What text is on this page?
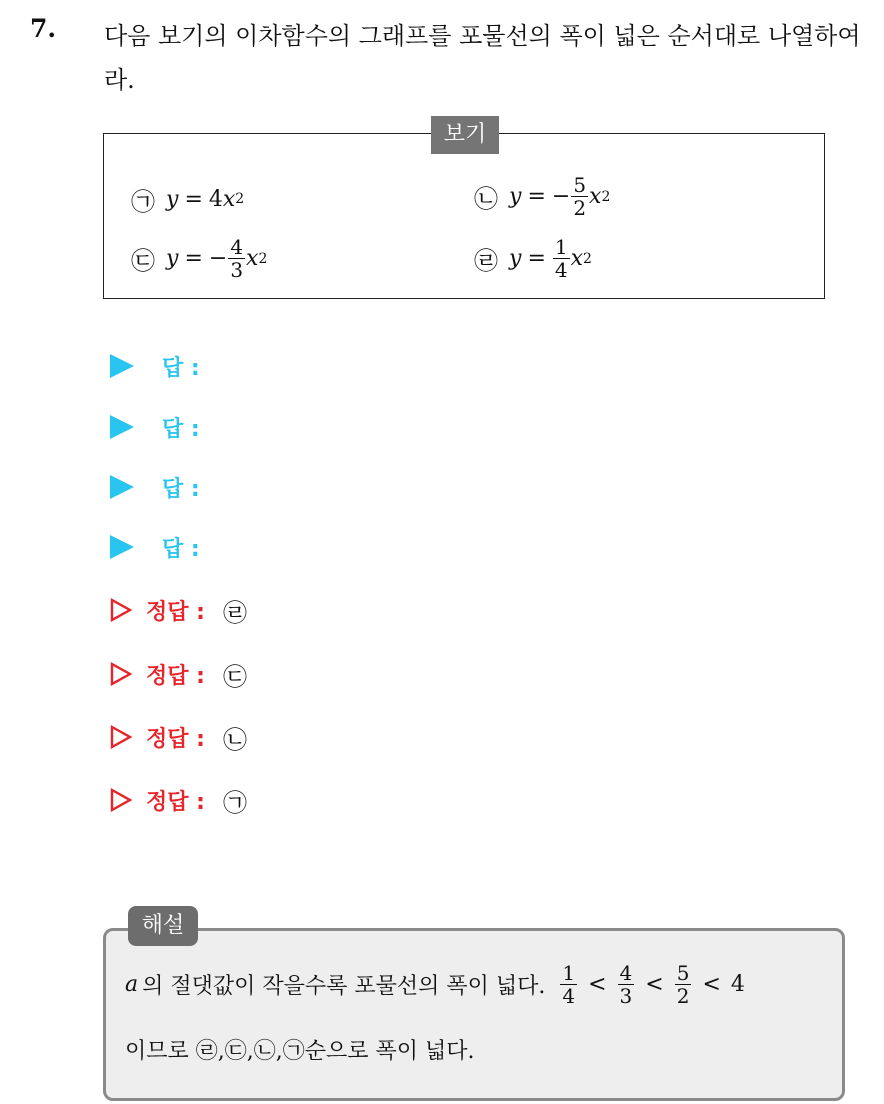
7. 다음 보기의 이차함수의 그래프를 포물선의 폭이 넓은 순서대로 나열하여라.
보기
㉠ y = 4 x 2	㉡ y = − $\frac{5}{2}$ x 2
㉢ y = − $\frac{4}{3}$ x 2	㉣ $y = \frac{1}{4}$ x 2
답 :
답 :
답 :
답 :
정답 : ㉣
정답 : ㉢
정답 : ㉡
정답 : ㉠
해설
a 의 절댓값이 작을수록 포물선의 폭이 넓다. $\frac{1}{4} < \frac{4}{3} < \frac{5}{2} < 4$
이므로 ㉣,㉢,㉡,㉠순으로 폭이 넓다.
